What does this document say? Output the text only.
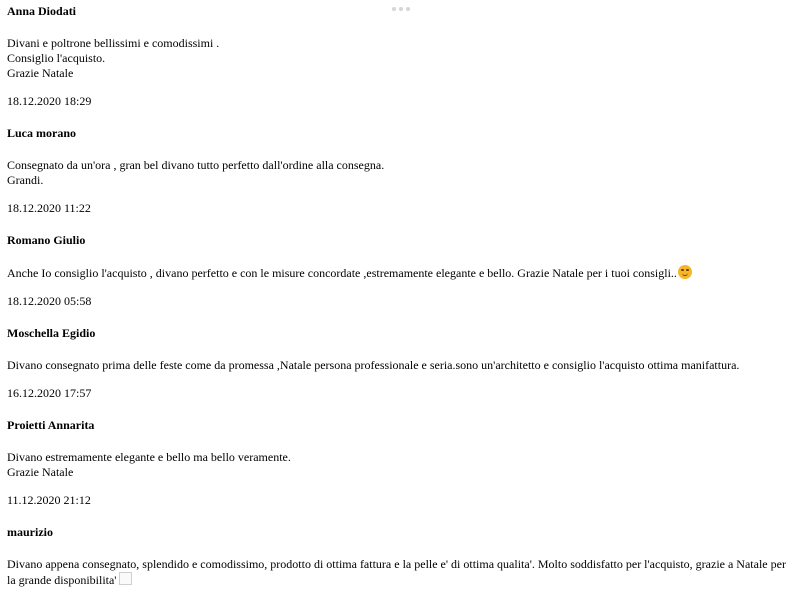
Anna Diodati
Divani e poltrone bellissimi e comodissimi .
Consiglio l'acquisto.
Grazie Natale
18.12.2020 18:29
Luca morano
Consegnato da un'ora , gran bel divano tutto perfetto dall'ordine alla consegna.
Grandi.
18.12.2020 11:22
Romano Giulio
Anche Io consiglio l'acquisto , divano perfetto e con le misure concordate ,estremamente elegante e bello. Grazie Natale per i tuoi consigli..
18.12.2020 05:58
Moschella Egidio
Divano consegnato prima delle feste come da promessa ,Natale persona professionale e seria.sono un'architetto e consiglio l'acquisto ottima manifattura.
16.12.2020 17:57
Proietti Annarita
Divano estremamente elegante e bello ma bello veramente.
Grazie Natale
11.12.2020 21:12
maurizio
Divano appena consegnato, splendido e comodissimo, prodotto di ottima fattura e la pelle e' di ottima qualita'. Molto soddisfatto per l'acquisto, grazie a Natale per la grande disponibilita'
